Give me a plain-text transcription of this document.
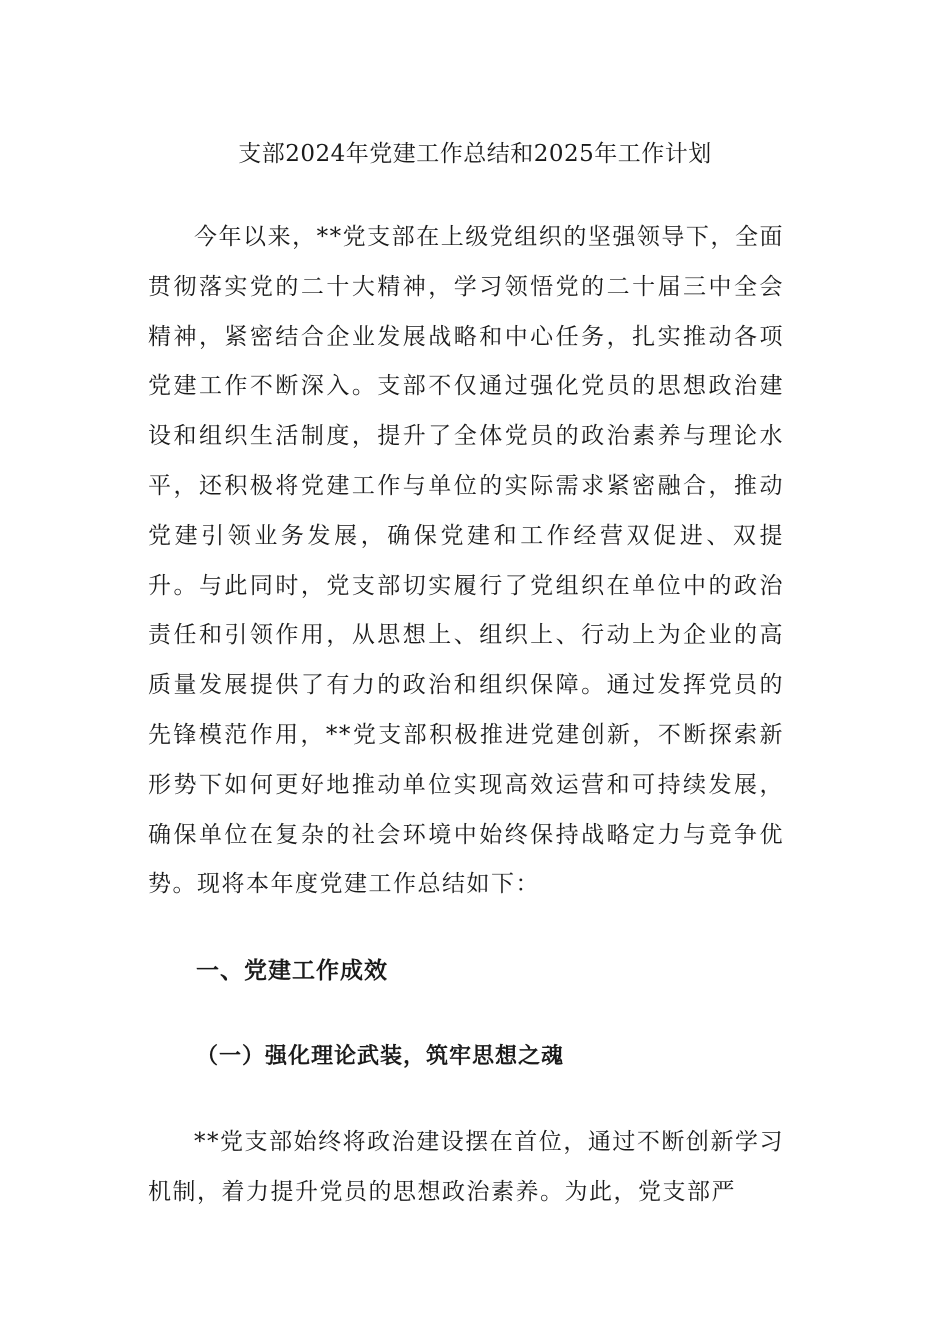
支部2024年党建工作总结和2025年工作计划

今年以来，**党支部在上级党组织的坚强领导下，全面贯彻落实党的二十大精神，学习领悟党的二十届三中全会精神，紧密结合企业发展战略和中心任务，扎实推动各项党建工作不断深入。支部不仅通过强化党员的思想政治建设和组织生活制度，提升了全体党员的政治素养与理论水平，还积极将党建工作与单位的实际需求紧密融合，推动党建引领业务发展，确保党建和工作经营双促进、双提升。与此同时，党支部切实履行了党组织在单位中的政治责任和引领作用，从思想上、组织上、行动上为企业的高质量发展提供了有力的政治和组织保障。通过发挥党员的先锋模范作用，**党支部积极推进党建创新，不断探索新形势下如何更好地推动单位实现高效运营和可持续发展，确保单位在复杂的社会环境中始终保持战略定力与竞争优势。现将本年度党建工作总结如下：

一、党建工作成效
（一）强化理论武装，筑牢思想之魂

**党支部始终将政治建设摆在首位，通过不断创新学习机制，着力提升党员的思想政治素养。为此，党支部严
